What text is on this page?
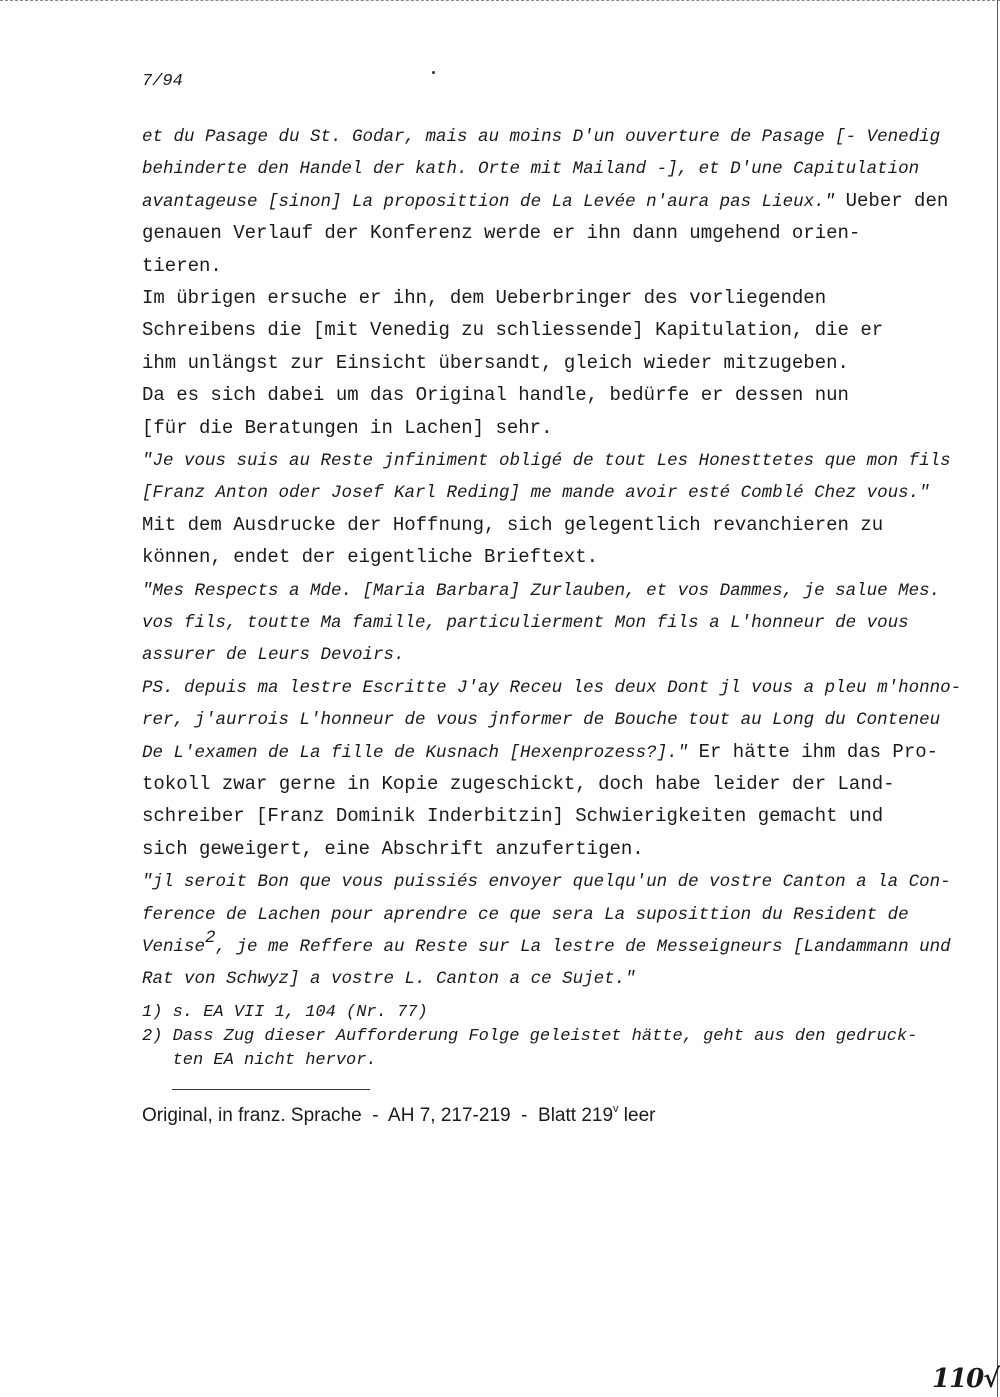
7/94
et du Pasage du St. Godar, mais au moins D'un ouverture de Pasage [- Venedig
behinderte den Handel der kath. Orte mit Mailand -], et D'une Capitulation
avantageuse [sinon] La proposittion de La Levée n'aura pas Lieux." Ueber den
genauen Verlauf der Konferenz werde er ihn dann umgehend orien-
tieren.
Im übrigen ersuche er ihn, dem Ueberbringer des vorliegenden
Schreibens die [mit Venedig zu schliessende] Kapitulation, die er
ihm unlängst zur Einsicht übersandt, gleich wieder mitzugeben.
Da es sich dabei um das Original handle, bedürfe er dessen nun
[für die Beratungen in Lachen] sehr.
"Je vous suis au Reste jnfiniment obligé de tout Les Honesttetes que mon fils
[Franz Anton oder Josef Karl Reding] me mande avoir esté Comblé Chez vous."
Mit dem Ausdrucke der Hoffnung, sich gelegentlich revanchieren zu
können, endet der eigentliche Brieftext.
"Mes Respects a Mde. [Maria Barbara] Zurlauben, et vos Dammes, je salue Mes.
vos fils, toutte Ma famille, particulierment Mon fils a L'honneur de vous
assurer de Leurs Devoirs.
PS. depuis ma lestre Escritte J'ay Receu les deux Dont jl vous a pleu m'honno-
rer, j'aurrois L'honneur de vous jnformer de Bouche tout au Long du Conteneu
De L'examen de La fille de Kusnach [Hexenprozess?]." Er hätte ihm das Pro-
tokoll zwar gerne in Kopie zugeschickt, doch habe leider der Land-
schreiber [Franz Dominik Inderbitzin] Schwierigkeiten gemacht und
sich geweigert, eine Abschrift anzufertigen.
"jl seroit Bon que vous puissiés envoyer quelqu'un de vostre Canton a la Con-
ference de Lachen pour aprendre ce que sera La suposittion du Resident de
Venise$^2$, je me Reffere au Reste sur La lestre de Messeigneurs [Landammann und
Rat von Schwyz] a vostre L. Canton a ce Sujet."
1) s. EA VII 1, 104 (Nr. 77)
2) Dass Zug dieser Aufforderung Folge geleistet hätte, geht aus den gedruck-
ten EA nicht hervor.
Original, in franz. Sprache  -  AH 7, 217-219  -  Blatt 219$^v$ leer
110√
